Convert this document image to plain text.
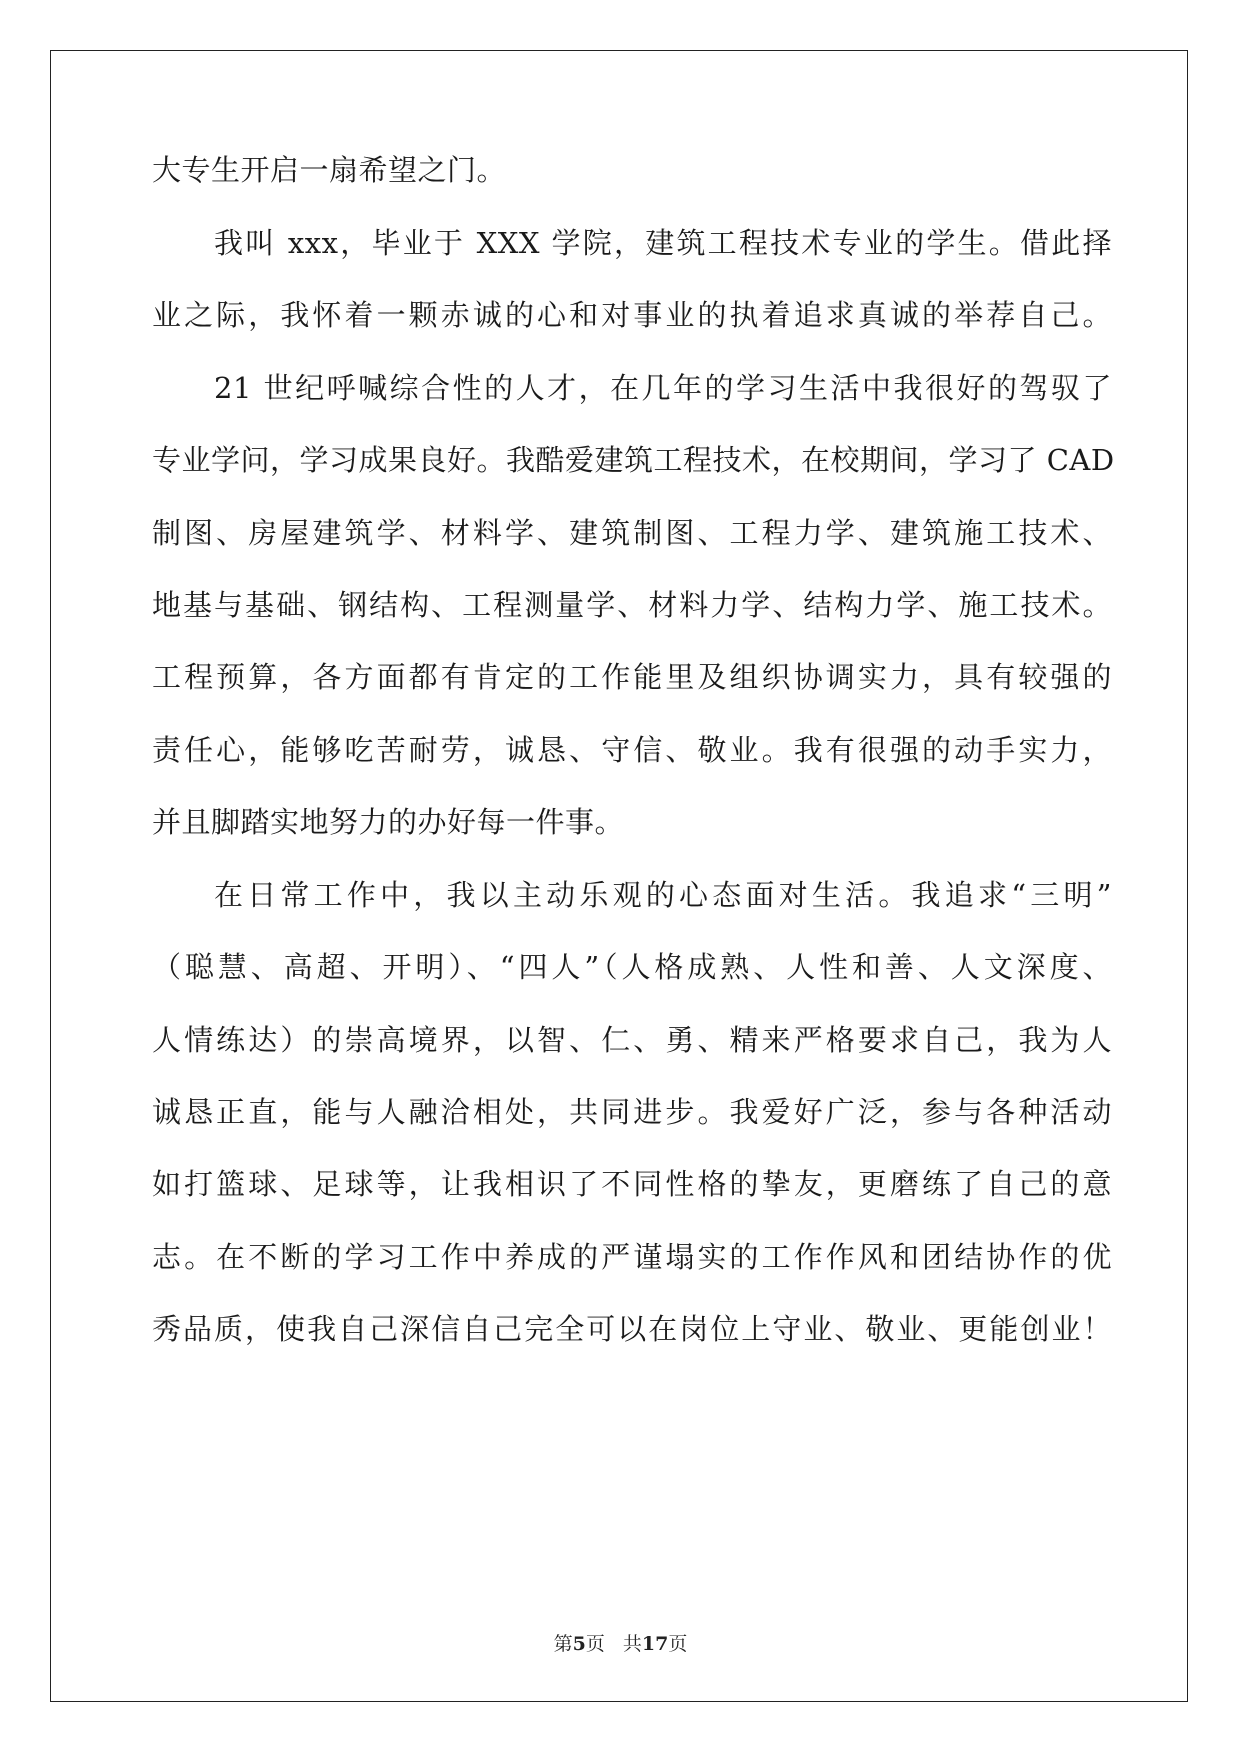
大专生开启一扇希望之门。
我叫 xxx，毕业于 XXX 学院，建筑工程技术专业的学生。借此择
业之际，我怀着一颗赤诚的心和对事业的执着追求真诚的举荐自己。
21 世纪呼喊综合性的人才，在几年的学习生活中我很好的驾驭了
专业学问，学习成果良好。我酷爱建筑工程技术，在校期间，学习了 CAD
制图、房屋建筑学、材料学、建筑制图、工程力学、建筑施工技术、
地基与基础、钢结构、工程测量学、材料力学、结构力学、施工技术。
工程预算，各方面都有肯定的工作能里及组织协调实力，具有较强的
责任心，能够吃苦耐劳，诚恳、守信、敬业。我有很强的动手实力，
并且脚踏实地努力的办好每一件事。
在日常工作中，我以主动乐观的心态面对生活。我追求“三明”
（聪慧、高超、开明）、“四人”（人格成熟、人性和善、人文深度、
人情练达）的崇高境界，以智、仁、勇、精来严格要求自己，我为人
诚恳正直，能与人融洽相处，共同进步。我爱好广泛，参与各种活动
如打篮球、足球等，让我相识了不同性格的挚友，更磨练了自己的意
志。在不断的学习工作中养成的严谨塌实的工作作风和团结协作的优
秀品质，使我自己深信自己完全可以在岗位上守业、敬业、更能创业！
第5页 共17页
